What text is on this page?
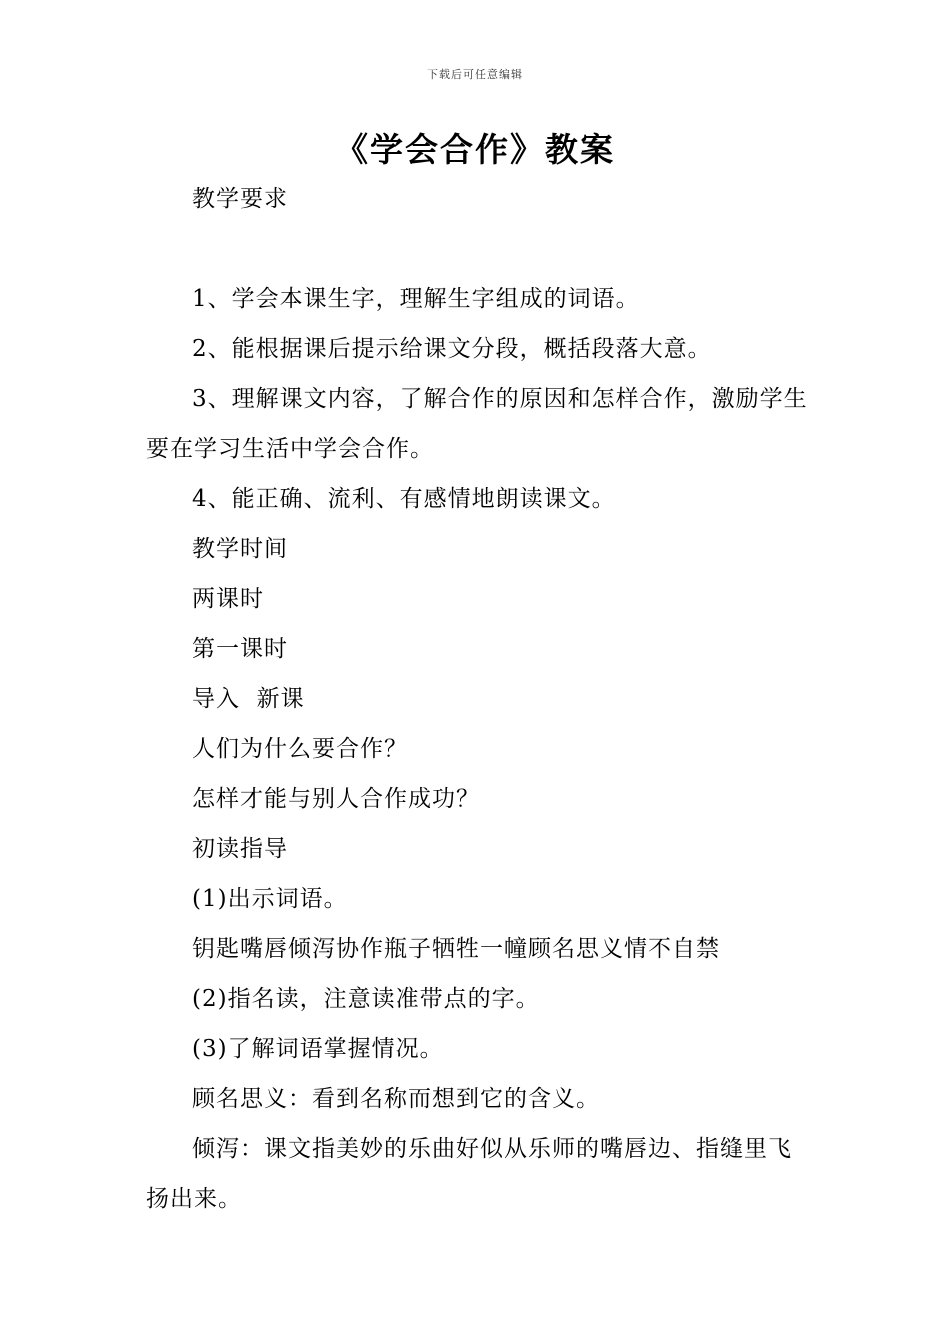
下载后可任意编辑
《学会合作》教案

教学要求

1、学会本课生字，理解生字组成的词语。

2、能根据课后提示给课文分段，概括段落大意。

3、理解课文内容，了解合作的原因和怎样合作，激励学生要在学习生活中学会合作。

4、能正确、流利、有感情地朗读课文。

教学时间

两课时

第一课时

导入  新课

人们为什么要合作？

怎样才能与别人合作成功？

初读指导

(1)出示词语。

钥匙嘴唇倾泻协作瓶子牺牲一幢顾名思义情不自禁

(2)指名读，注意读准带点的字。

(3)了解词语掌握情况。

顾名思义：看到名称而想到它的含义。

倾泻：课文指美妙的乐曲好似从乐师的嘴唇边、指缝里飞扬出来。
